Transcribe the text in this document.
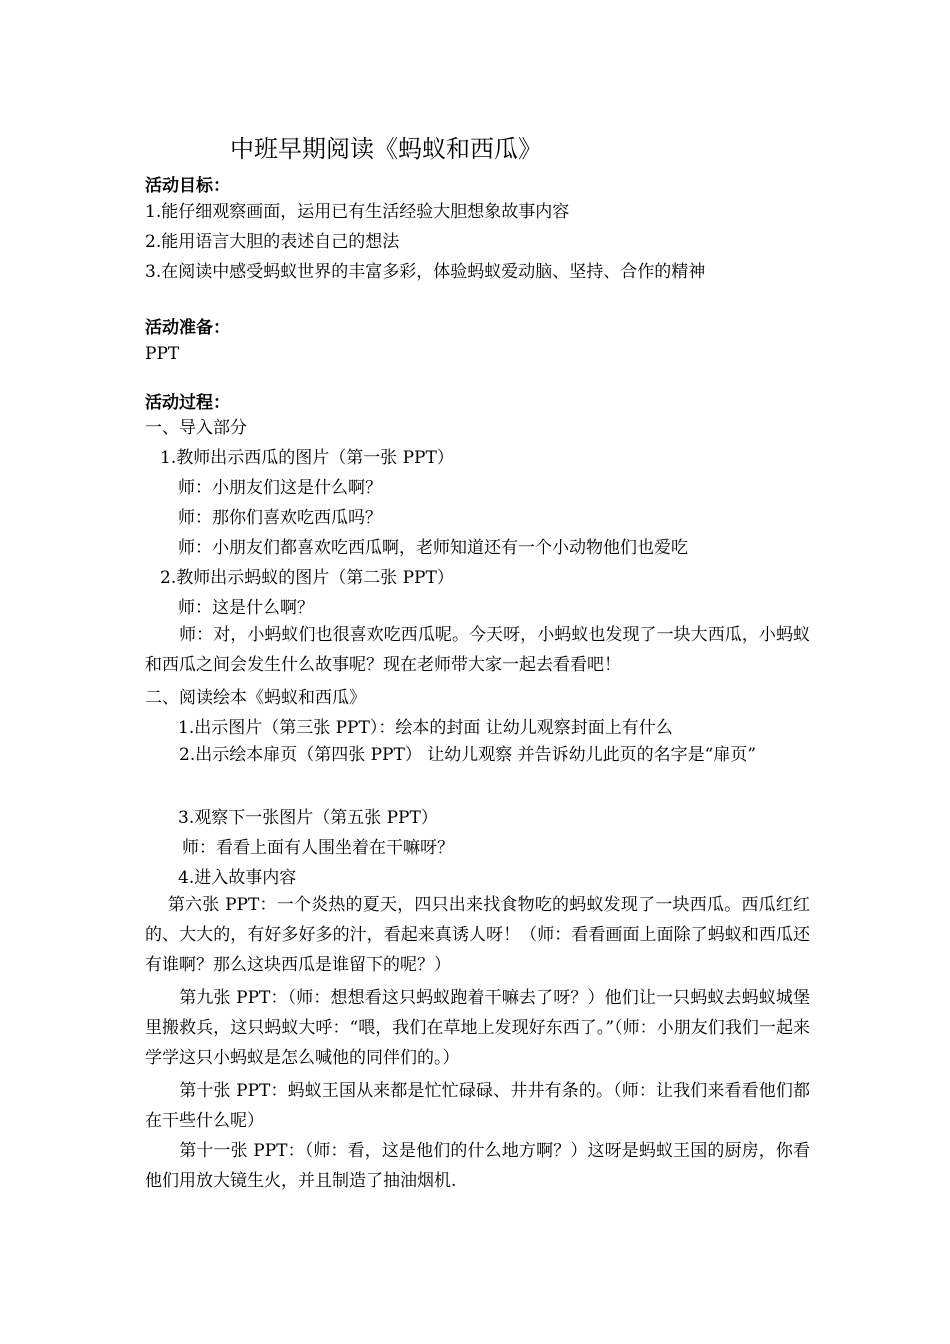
中班早期阅读《蚂蚁和西瓜》
活动目标：
1.能仔细观察画面，运用已有生活经验大胆想象故事内容
2.能用语言大胆的表述自己的想法
3.在阅读中感受蚂蚁世界的丰富多彩，体验蚂蚁爱动脑、坚持、合作的精神
活动准备：
PPT
活动过程：
一、导入部分
1.教师出示西瓜的图片（第一张 PPT）
师：小朋友们这是什么啊？
师：那你们喜欢吃西瓜吗？
师：小朋友们都喜欢吃西瓜啊，老师知道还有一个小动物他们也爱吃
2.教师出示蚂蚁的图片（第二张 PPT）
师：这是什么啊？
　　师：对，小蚂蚁们也很喜欢吃西瓜呢。今天呀，小蚂蚁也发现了一块大西瓜，小蚂蚁和西瓜之间会发生什么故事呢？现在老师带大家一起去看看吧！
二、阅读绘本《蚂蚁和西瓜》
1.出示图片（第三张 PPT）：绘本的封面 让幼儿观察封面上有什么
　　2.出示绘本扉页（第四张 PPT） 让幼儿观察 并告诉幼儿此页的名字是“扉页”
3.观察下一张图片（第五张 PPT）
师：看看上面有人围坐着在干嘛呀？
4.进入故事内容
　 第六张 PPT：一个炎热的夏天，四只出来找食物吃的蚂蚁发现了一块西瓜。西瓜红红的、大大的，有好多好多的汁，看起来真诱人呀！（师：看看画面上面除了蚂蚁和西瓜还有谁啊？那么这块西瓜是谁留下的呢？）
　　第九张 PPT：（师：想想看这只蚂蚁跑着干嘛去了呀？）他们让一只蚂蚁去蚂蚁城堡里搬救兵，这只蚂蚁大呼：“喂，我们在草地上发现好东西了。”（师：小朋友们我们一起来学学这只小蚂蚁是怎么喊他的同伴们的。）
　　第十张 PPT：蚂蚁王国从来都是忙忙碌碌、井井有条的。（师：让我们来看看他们都在干些什么呢）
　　第十一张 PPT：（师：看，这是他们的什么地方啊？）这呀是蚂蚁王国的厨房，你看他们用放大镜生火，并且制造了抽油烟机.
